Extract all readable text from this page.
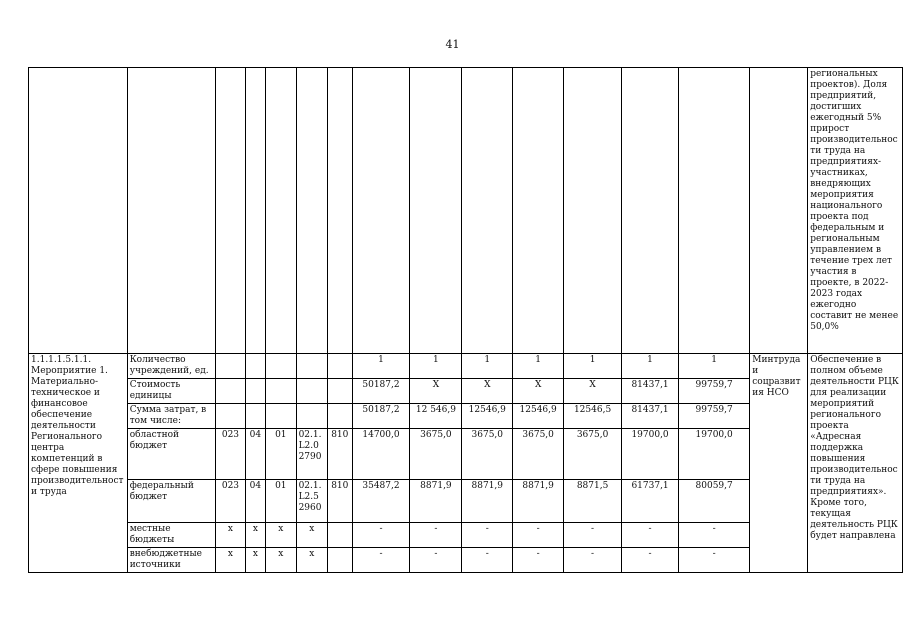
41
															региональных проектов). Доля предприятий, достигших ежегодный 5% прирост производительности труда на предприятиях-участниках, внедряющих мероприятия национального проекта под федеральным и региональным управлением в течение трех лет участия в проекте, в 2022-2023 годах ежегодно составит не менее 50,0%
1.1.1.1.5.1.1. Мероприятие 1. Материально-техническое и финансовое обеспечение деятельности Регионального центра компетенций в сфере повышения производительности труда	Количество учреждений, ед.						1	1	1	1	1	1	1	Минтруда и соцразвития НСО	Обеспечение в полном объеме деятельности РЦК для реализации мероприятий регионального проекта «Адресная поддержка повышения производительности труда на предприятиях». Кроме того, текущая деятельность РЦК будет направлена
	Стоимость единицы						50187,2	Х	Х	Х	Х	81437,1	99759,7		
	Сумма затрат, в том числе:						50187,2	12 546,9	12546,9	12546,9	12546,5	81437,1	99759,7		
	областной бюджет	023	04	01	02.1. L2.0 2790	810	14700,0	3675,0	3675,0	3675,0	3675,0	19700,0	19700,0		
	федеральный бюджет	023	04	01	02.1. L2.5 2960	810	35487,2	8871,9	8871,9	8871,9	8871,5	61737,1	80059,7		
	местные бюджеты	х	х	х	х		-	-	-	-	-	-	-		
	внебюджетные источники	х	х	х	х		-	-	-	-	-	-	-		
